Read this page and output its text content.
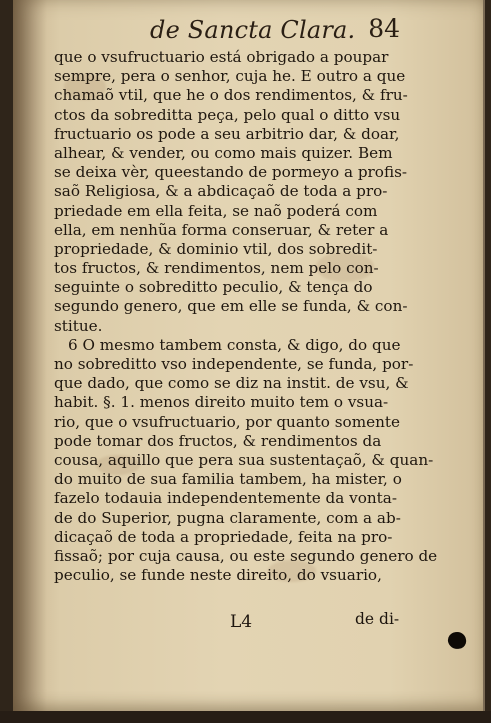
de Sancta Clara. 84
que o vsufructuario está obrigado a poupar
sempre, pera o senhor, cuja he. E outro a que
chamaõ vtil, que he o dos rendimentos, & fru-
ctos da sobreditta peça, pelo qual o ditto vsu
fructuario os pode a seu arbitrio dar, & doar,
alhear, & vender, ou como mais quizer. Bem
se deixa vèr, queestando de pormeyo a profis-
saõ Religiosa, & a abdicaçaõ de toda a pro-
priedade em ella feita, se naõ poderá com
ella, em nenhũa forma conseruar, & reter a
propriedade, & dominio vtil, dos sobredit-
tos fructos, & rendimentos, nem pelo con-
seguinte o sobreditto peculio, & tença do
segundo genero, que em elle se funda, & con-
stitue.
6 O mesmo tambem consta, & digo, do que
no sobreditto vso independente, se funda, por-
que dado, que como se diz na instit. de vsu, &
habit. §. 1. menos direito muito tem o vsua-
rio, que o vsufructuario, por quanto somente
pode tomar dos fructos, & rendimentos da
cousa, aquillo que pera sua sustentaçaõ, & quan-
do muito de sua familia tambem, ha mister, o
fazelo todauia independentemente da vonta-
de do Superior, pugna claramente, com a ab-
dicaçaõ de toda a propriedade, feita na pro-
fissaõ; por cuja causa, ou este segundo genero de
peculio, se funde neste direito, do vsuario,
L4	de di-
